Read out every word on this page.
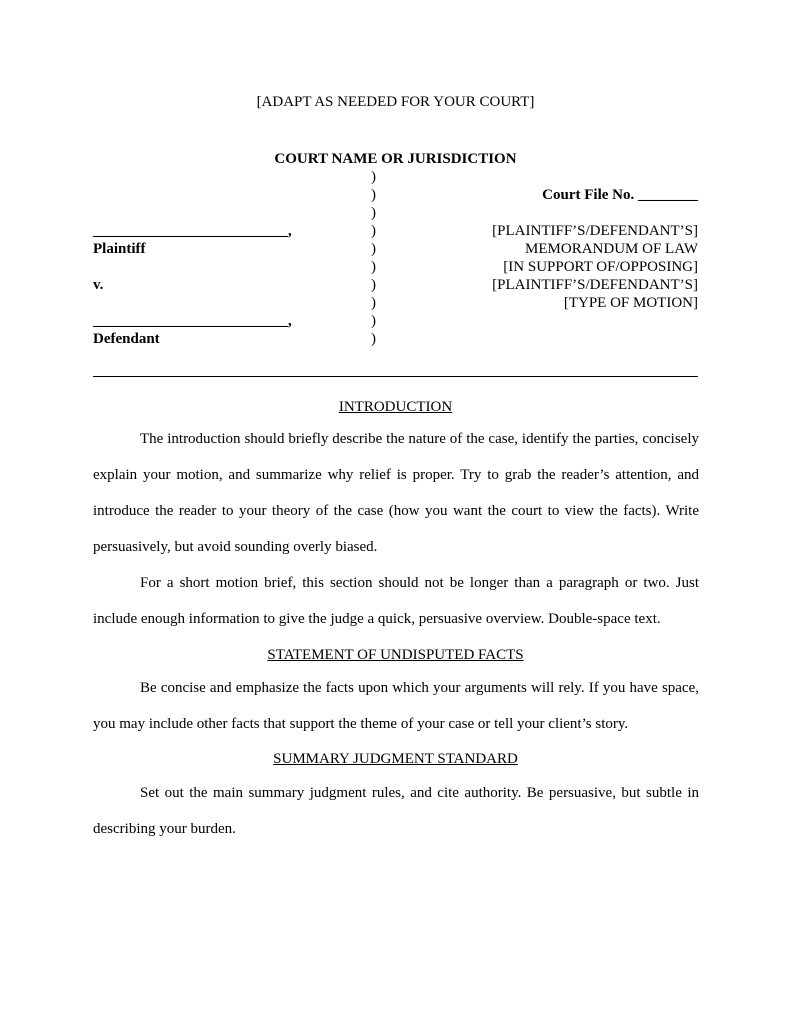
[ADAPT AS NEEDED FOR YOUR COURT]
COURT NAME OR JURISDICTION
)
)
)
)
)
)
)
)
)
)
__________________________,
Plaintiff
v.
__________________________,
Defendant
Court File No. ________
[PLAINTIFF’S/DEFENDANT’S]
MEMORANDUM OF LAW
[IN SUPPORT OF/OPPOSING]
[PLAINTIFF’S/DEFENDANT’S]
[TYPE OF MOTION]
INTRODUCTION

The introduction should briefly describe the nature of the case, identify the parties, concisely explain your motion, and summarize why relief is proper. Try to grab the reader’s attention, and introduce the reader to your theory of the case (how you want the court to view the facts). Write persuasively, but avoid sounding overly biased.

For a short motion brief, this section should not be longer than a paragraph or two. Just include enough information to give the judge a quick, persuasive overview. Double-space text.

STATEMENT OF UNDISPUTED FACTS

Be concise and emphasize the facts upon which your arguments will rely. If you have space, you may include other facts that support the theme of your case or tell your client’s story.

SUMMARY JUDGMENT STANDARD

Set out the main summary judgment rules, and cite authority. Be persuasive, but subtle in describing your burden.
